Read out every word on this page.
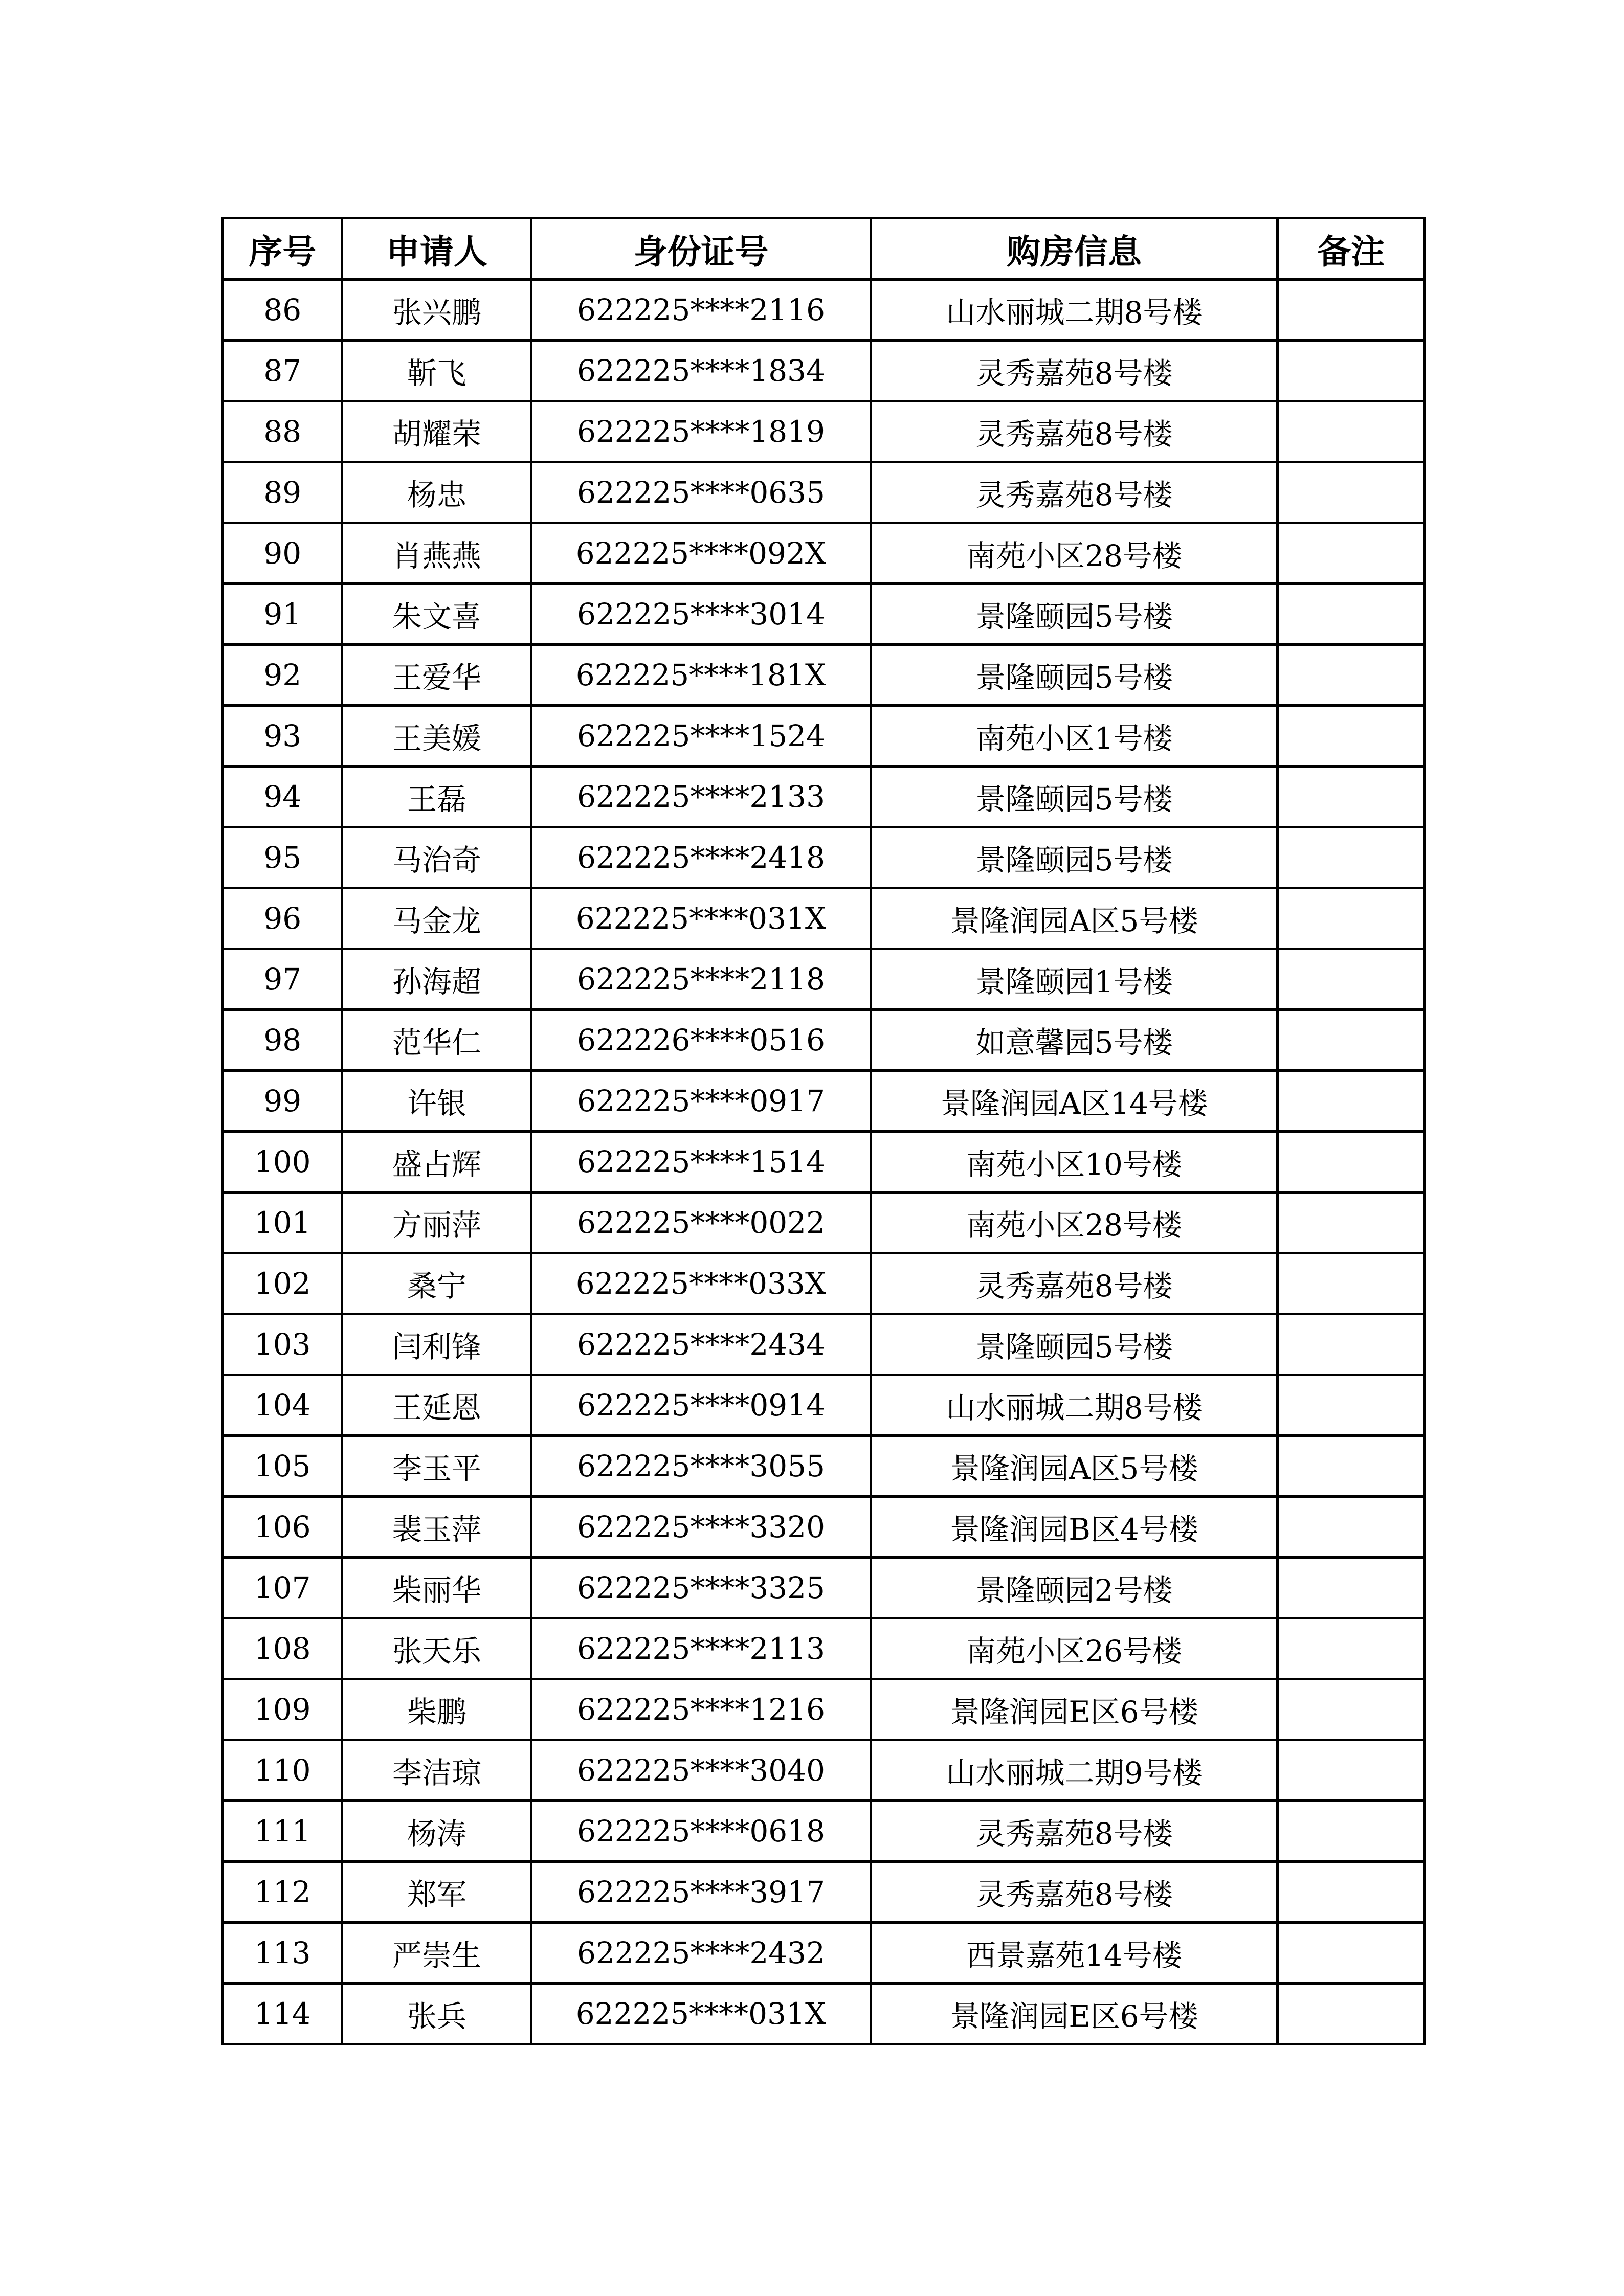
序号	申请人	身份证号	购房信息	备注
86	张兴鹏	622225****2116	山水丽城二期8号楼	
87	靳飞	622225****1834	灵秀嘉苑8号楼	
88	胡耀荣	622225****1819	灵秀嘉苑8号楼	
89	杨忠	622225****0635	灵秀嘉苑8号楼	
90	肖燕燕	622225****092X	南苑小区28号楼	
91	朱文喜	622225****3014	景隆颐园5号楼	
92	王爱华	622225****181X	景隆颐园5号楼	
93	王美媛	622225****1524	南苑小区1号楼	
94	王磊	622225****2133	景隆颐园5号楼	
95	马治奇	622225****2418	景隆颐园5号楼	
96	马金龙	622225****031X	景隆润园A区5号楼	
97	孙海超	622225****2118	景隆颐园1号楼	
98	范华仁	622226****0516	如意馨园5号楼	
99	许银	622225****0917	景隆润园A区14号楼	
100	盛占辉	622225****1514	南苑小区10号楼	
101	方丽萍	622225****0022	南苑小区28号楼	
102	桑宁	622225****033X	灵秀嘉苑8号楼	
103	闫利锋	622225****2434	景隆颐园5号楼	
104	王延恩	622225****0914	山水丽城二期8号楼	
105	李玉平	622225****3055	景隆润园A区5号楼	
106	裴玉萍	622225****3320	景隆润园B区4号楼	
107	柴丽华	622225****3325	景隆颐园2号楼	
108	张天乐	622225****2113	南苑小区26号楼	
109	柴鹏	622225****1216	景隆润园E区6号楼	
110	李洁琼	622225****3040	山水丽城二期9号楼	
111	杨涛	622225****0618	灵秀嘉苑8号楼	
112	郑军	622225****3917	灵秀嘉苑8号楼	
113	严崇生	622225****2432	西景嘉苑14号楼	
114	张兵	622225****031X	景隆润园E区6号楼	
